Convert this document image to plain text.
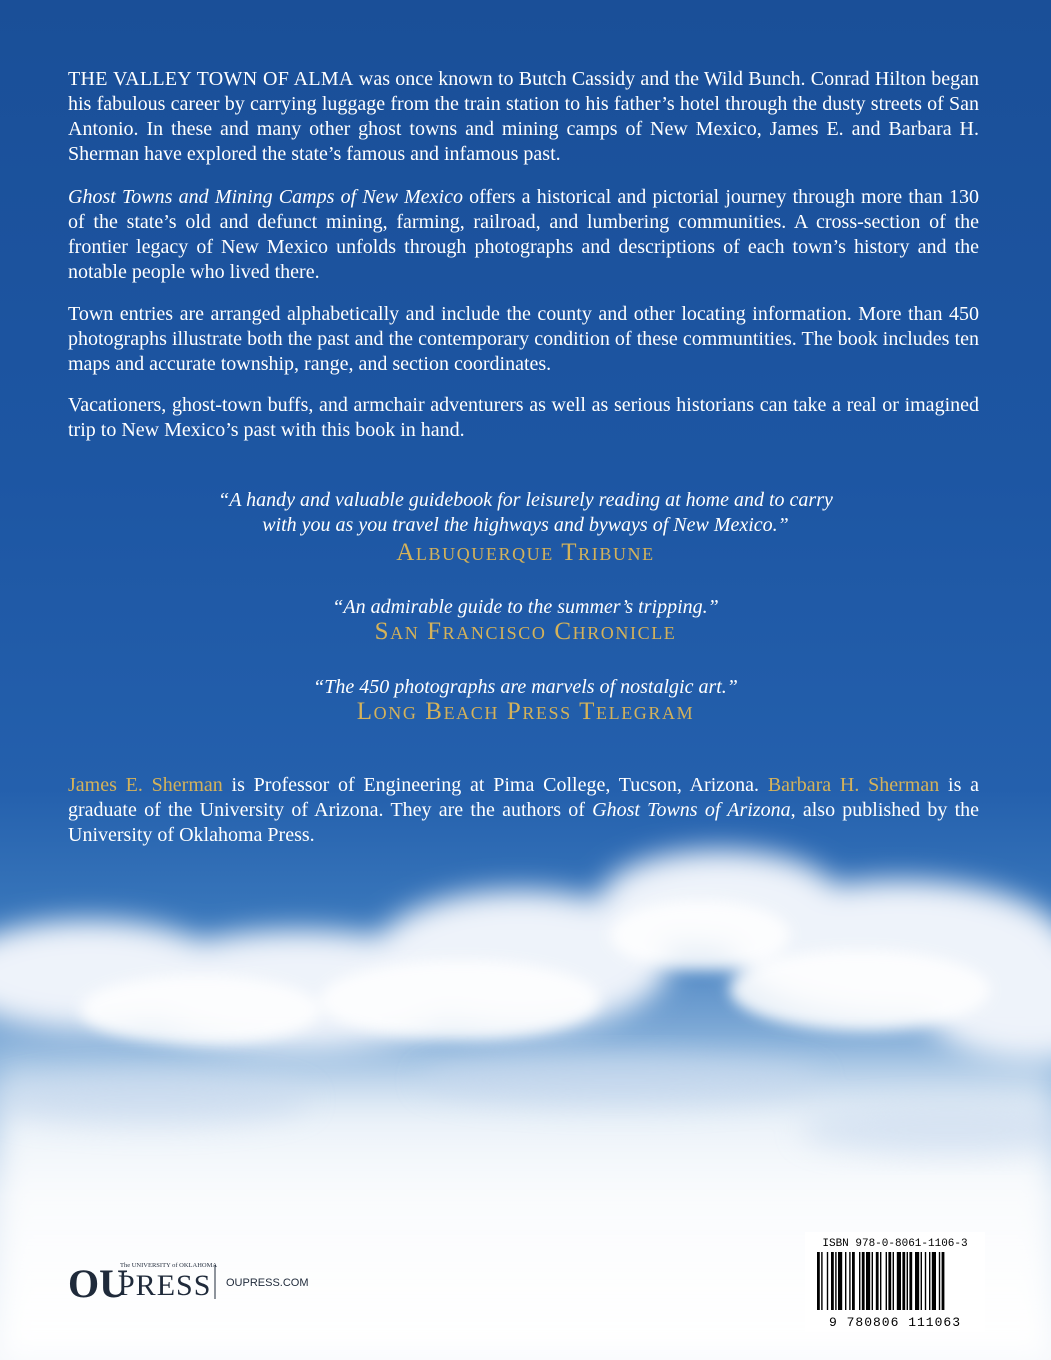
THE VALLEY TOWN OF ALMA was once known to Butch Cassidy and the Wild Bunch. Conrad Hilton began his fabulous career by carrying luggage from the train station to his father’s hotel through the dusty streets of San Antonio. In these and many other ghost towns and mining camps of New Mexico, James E. and Barbara H. Sherman have explored the state’s famous and infamous past.

Ghost Towns and Mining Camps of New Mexico offers a historical and pictorial journey through more than 130 of the state’s old and defunct mining, farming, railroad, and lumbering communities. A cross-section of the frontier legacy of New Mexico unfolds through photographs and descriptions of each town’s history and the notable people who lived there.

Town entries are arranged alphabetically and include the county and other locating information. More than 450 photographs illustrate both the past and the contemporary condition of these communtities. The book includes ten maps and accurate township, range, and section coordinates.

Vacationers, ghost-town buffs, and armchair adventurers as well as serious historians can take a real or imagined trip to New Mexico’s past with this book in hand.

“A handy and valuable guidebook for leisurely reading at home and to carry
with you as you travel the highways and byways of New Mexico.”

Albuquerque Tribune

“An admirable guide to the summer’s tripping.”

San Francisco Chronicle

“The 450 photographs are marvels of nostalgic art.”

Long Beach Press Telegram

James E. Sherman is Professor of Engineering at Pima College, Tucson, Arizona. Barbara H. Sherman is a graduate of the University of Arizona. They are the authors of Ghost Towns of Arizona, also published by the University of Oklahoma Press.

OU
The UNIVERSITY of OKLAHOMA
PRESS OUPRESS.COM
ISBN 978-0-8061-1106-3
9 780806 111063
